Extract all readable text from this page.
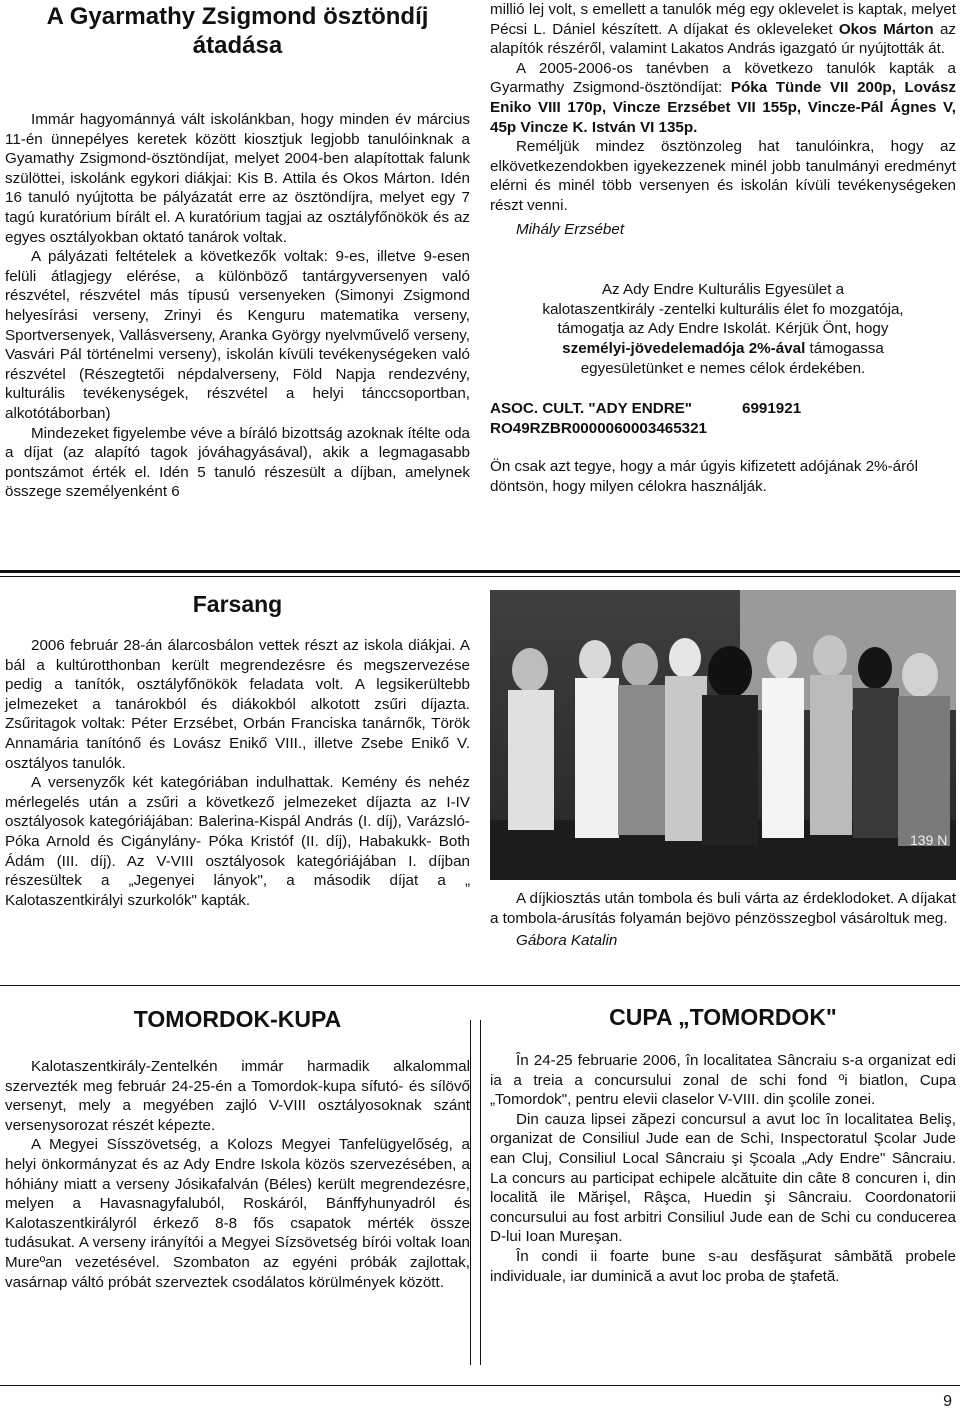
A Gyarmathy Zsigmond ösztöndíj átadása

Immár hagyománnyá vált iskolánkban, hogy minden év március 11-én ünnepélyes keretek között kiosztjuk legjobb tanulóinknak a Gyamathy Zsigmond-ösztöndíjat, melyet 2004-ben alapítottak falunk szülöttei, iskolánk egykori diákjai: Kis B. Attila és Okos Márton. Idén 16 tanuló nyújtotta be pályázatát erre az ösztöndíjra, melyet egy 7 tagú kuratórium bírált el. A kuratórium tagjai az osztályfőnökök és az egyes osztályokban oktató tanárok voltak.

A pályázati feltételek a következők voltak: 9-es, illetve 9-esen felüli átlagjegy elérése, a különböző tantárgyversenyen való részvétel, részvétel más típusú versenyeken (Simonyi Zsigmond helyesírási verseny, Zrinyi és Kenguru matematika verseny, Sportversenyek, Vallásverseny, Aranka György nyelvművelő verseny, Vasvári Pál történelmi verseny), iskolán kívüli tevékenységeken való részvétel (Részegtetői népdalverseny, Föld Napja rendezvény, kulturális tevékenységek, részvétel a helyi tánccsoportban, alkotótáborban)

Mindezeket figyelembe véve a bíráló bizottság azoknak ítélte oda a díjat (az alapító tagok jóváhagyásával), akik a legmagasabb pontszámot érték el. Idén 5 tanuló részesült a díjban, amelynek összege személyenként 6

millió lej volt, s emellett a tanulók még egy oklevelet is kaptak, melyet Pécsi L. Dániel készített. A díjakat és okleveleket Okos Márton az alapítók részéről, valamint Lakatos András igazgató úr nyújtották át.

A 2005-2006-os tanévben a következo tanulók kapták a Gyarmathy Zsigmond-ösztöndíjat: Póka Tünde VII 200p, Lovász Eniko VIII 170p, Vincze Erzsébet VII 155p, Vincze-Pál Ágnes V, 45p Vincze K. István VI 135p.

Reméljük mindez ösztönzoleg hat tanulóinkra, hogy az elkövetkezendokben igyekezzenek minél jobb tanulmányi eredményt elérni és minél több versenyen és iskolán kívüli tevékenységeken részt venni.

Mihály Erzsébet

Az Ady Endre Kulturális Egyesület a
kalotaszentkirály -zentelki kulturális élet fo mozgatója,
támogatja az Ady Endre Iskolát. Kérjük Önt, hogy
személyi-jövedelemadója 2%-ával támogassa
egyesületünket e nemes célok érdekében.
ASOC. CULT. "ADY ENDRE"	6991921
RO49RZBR0000060003465321
Ön csak azt tegye, hogy a már úgyis kifizetett adójának 2%-áról döntsön, hogy milyen célokra használják.
Farsang

2006 február 28-án álarcosbálon vettek részt az iskola diákjai. A bál a kultúrotthonban került megrendezésre és megszervezése pedig a tanítók, osztályfőnökök feladata volt. A legsikerültebb jelmezeket a tanárokból és diákokból alkotott zsűri díjazta. Zsűritagok voltak: Péter Erzsébet, Orbán Franciska tanárnők, Török Annamária tanítónő és Lovász Enikő VIII., illetve Zsebe Enikő V. osztályos tanulók.

A versenyzők két kategóriában indulhattak. Kemény és nehéz mérlegelés után a zsűri a következő jelmezeket díjazta az I-IV osztályosok kategóriájában: Balerina-Kispál András (I. díj), Varázsló- Póka Arnold és Cigánylány- Póka Kristóf (II. díj), Habakukk- Both Ádám (III. díj). Az V-VIII osztályosok kategóriájában I. díjban részesültek a „Jegenyei lányok", a második díjat a „ Kalotaszentkirályi szurkolók" kapták.

139 N

A díjkiosztás után tombola és buli várta az érdeklodoket. A díjakat a tombola-árusítás folyamán bejövo pénzösszegbol vásároltuk meg.

Gábora Katalin

TOMORDOK-KUPA

Kalotaszentkirály-Zentelkén immár harmadik alkalommal szervezték meg február 24-25-én a Tomordok-kupa sífutó- és sílövő versenyt, mely a megyében zajló V-VIII osztályosoknak szánt versenysorozat részét képezte.

A Megyei Sísszövetség, a Kolozs Megyei Tanfelügyelőség, a helyi önkormányzat és az Ady Endre Iskola közös szervezésében, a hóhiány miatt a verseny Jósikafalván (Béles) került megrendezésre, melyen a Havasnagyfaluból, Roskáról, Bánffyhunyadról és Kalotaszentkirályról érkező 8-8 fős csapatok mérték össze tudásukat. A verseny irányítói a Megyei Sízsövetség bírói voltak Ioan Mureºan vezetésével. Szombaton az egyéni próbák zajlottak, vasárnap váltó próbát szerveztek csodálatos körülmények között.

CUPA „TOMORDOK"

În 24-25 februarie 2006, în localitatea Sâncraiu s-a organizat edi ia a treia a concursului zonal de schi fond ºi biatlon, Cupa „Tomordok", pentru elevii claselor V-VIII. din şcolile zonei.

Din cauza lipsei zăpezi concursul a avut loc în localitatea Beliş, organizat de Consiliul Jude ean de Schi, Inspectoratul Şcolar Jude ean Cluj, Consiliul Local Sâncraiu şi Şcoala „Ady Endre" Sâncraiu. La concurs au participat echipele alcătuite din câte 8 concuren i, din localită ile Mărişel, Râşca, Huedin şi Sâncraiu. Coordonatorii concursului au fost arbitri Consiliul Jude ean de Schi cu conducerea D-lui Ioan Mureşan.

În condi ii foarte bune s-au desfăşurat sâmbătă probele individuale, iar duminică a avut loc proba de ştafetă.

9
